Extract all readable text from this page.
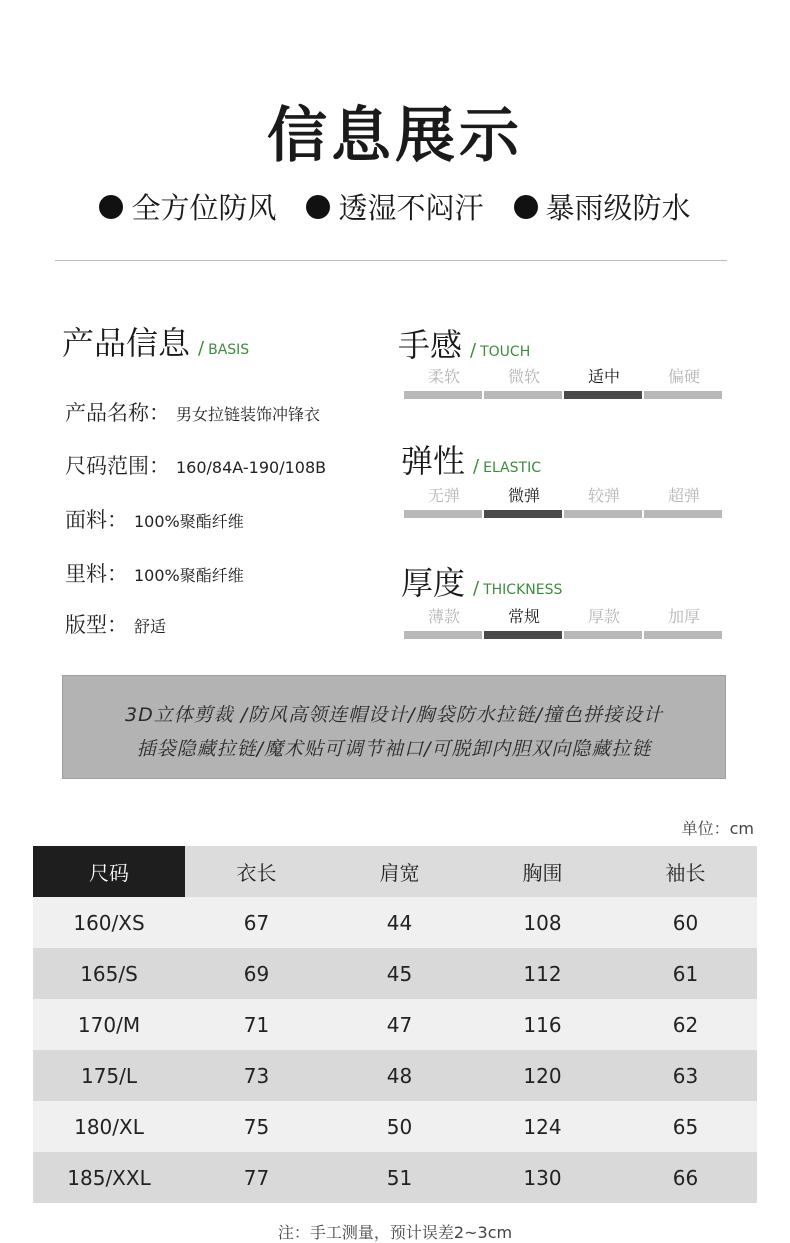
信息展示
全方位防风 透湿不闷汗 暴雨级防水
产品信息 / BASIS
产品名称： 男女拉链装饰冲锋衣
尺码范围： 160/84A-190/108B
面料： 100%聚酯纤维
里料： 100%聚酯纤维
版型： 舒适
手感 / TOUCH
柔软	微软	适中	偏硬
弹性 / ELASTIC
无弹	微弹	较弹	超弹
厚度 / THICKNESS
薄款	常规	厚款	加厚
3D立体剪裁 /防风高领连帽设计/胸袋防水拉链/撞色拼接设计
插袋隐藏拉链/魔术贴可调节袖口/可脱卸内胆双向隐藏拉链
单位：cm
尺码	衣长	肩宽	胸围	袖长
160/XS	67	44	108	60
165/S	69	45	112	61
170/M	71	47	116	62
175/L	73	48	120	63
180/XL	75	50	124	65
185/XXL	77	51	130	66
注：手工测量，预计误差2~3cm
